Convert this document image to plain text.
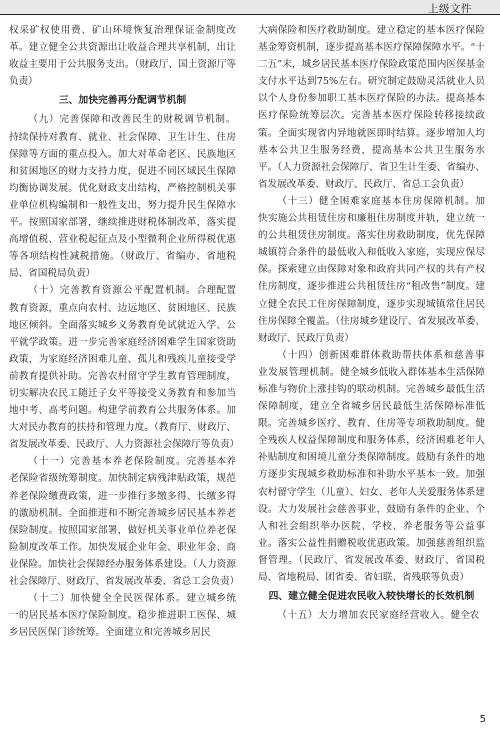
上级文件

权采矿权使用费、矿山环境恢复治理保证金制度改革。建立健全公共资源出让收益合理共享机制，出让收益主要用于公共服务支出。（财政厅、国土资源厅等负责）

三、加快完善再分配调节机制

（九）完善保障和改善民生的财税调节机制。持续保持对教育、就业、社会保障、卫生计生、住房保障等方面的重点投入。加大对革命老区、民族地区和贫困地区的财力支持力度，促进不同区域民生保障均衡协调发展。优化财政支出结构，严格控制机关事业单位机构编制和一般性支出，努力提升民生保障水平。按照国家部署，继续推进财税体制改革，落实提高增值税、营业税起征点及小型微利企业所得税优惠等各项结构性减税措施。（财政厅、省编办、省地税局、省国税局负责）

（十）完善教育资源公平配置机制。合理配置教育资源，重点向农村、边远地区、贫困地区、民族地区倾斜。全面落实城乡义务教育免试就近入学、公平就学政策。进一步完善家庭经济困难学生国家资助政策，为家庭经济困难儿童、孤儿和残疾儿童接受学前教育提供补助。完善农村留守学生教育管理制度，切实解决农民工随迁子女平等接受义务教育和参加当地中考、高考问题。构建学前教育公共服务体系。加大对民办教育的扶持和管理力度。（教育厅、财政厅、省发展改革委、民政厅、人力资源社会保障厅等负责）

（十一）完善基本养老保险制度。完善基本养老保险省级统筹制度。加快制定病残津贴政策，规范养老保险缴费政策，进一步推行多缴多得、长缴多得的激励机制。全面推进和不断完善城乡居民基本养老保险制度。按照国家部署，做好机关事业单位养老保险制度改革工作。加快发展企业年金、职业年金、商业保险。加快社会保障经办服务体系建设。（人力资源社会保障厅、财政厅、省发展改革委、省总工会负责）

（十二）加快健全全民医保体系。建立城乡统一的居民基本医疗保险制度。稳步推进职工医保、城乡居民医保门诊统筹。全面建立和完善城乡居民

大病保险和医疗救助制度。建立稳定的基本医疗保险基金筹资机制，逐步提高基本医疗保障保障水平。“十二五”末，城乡居民基本医疗保险政策范围内医保基金支付水平达到75%左右。研究制定鼓励灵活就业人员以个人身份参加职工基本医疗保险的办法。提高基本医疗保险统筹层次。完善基本医疗保险转移接续政策。全面实现省内异地就医即时结算。逐步增加人均基本公共卫生服务经费，提高基本公共卫生服务水平。（人力资源社会保障厅、省卫生计生委、省编办、省发展改革委、财政厅、民政厅、省总工会负责）

（十三）健全困难家庭基本住房保障机制。加快实施公共租赁住房和廉租住房制度并轨，建立统一的公共租赁住房制度。落实住房救助制度，优先保障城镇符合条件的最低收入和低收入家庭，实现应保尽保。探索建立由保障对象和政府共同产权的共有产权住房制度，逐步推进公共租赁住房“租改售”制度。建立健全农民工住房保障制度，逐步实现城镇常住居民住房保障全覆盖。（住房城乡建设厅、省发展改革委、财政厅、民政厅负责）

（十四）创新困难群体救助帮扶体系和慈善事业发展管理机制。健全城乡低收入群体基本生活保障标准与物价上涨挂钩的联动机制。完善城乡最低生活保障制度，建立全省城乡居民最低生活保障标准低限。完善城乡医疗、教育、住房等专项救助制度。健全残疾人权益保障制度和服务体系，经济困难老年人补贴制度和困境儿童分类保障制度。鼓励有条件的地方逐步实现城乡救助标准和补助水平基本一致。加强农村留守学生（儿童）、妇女、老年人关爱服务体系建设。大力发展社会慈善事业，鼓励有条件的企业、个人和社会组织举办医院、学校、养老服务等公益事业。落实公益性捐赠税收优惠政策。加强慈善组织监督管理。（民政厅、省发展改革委、财政厅、省国税局、省地税局、团省委、省妇联、省残联等负责）

四、建立健全促进农民收入较快增长的长效机制

（十五）大力增加农民家庭经营收入。健全农

5
